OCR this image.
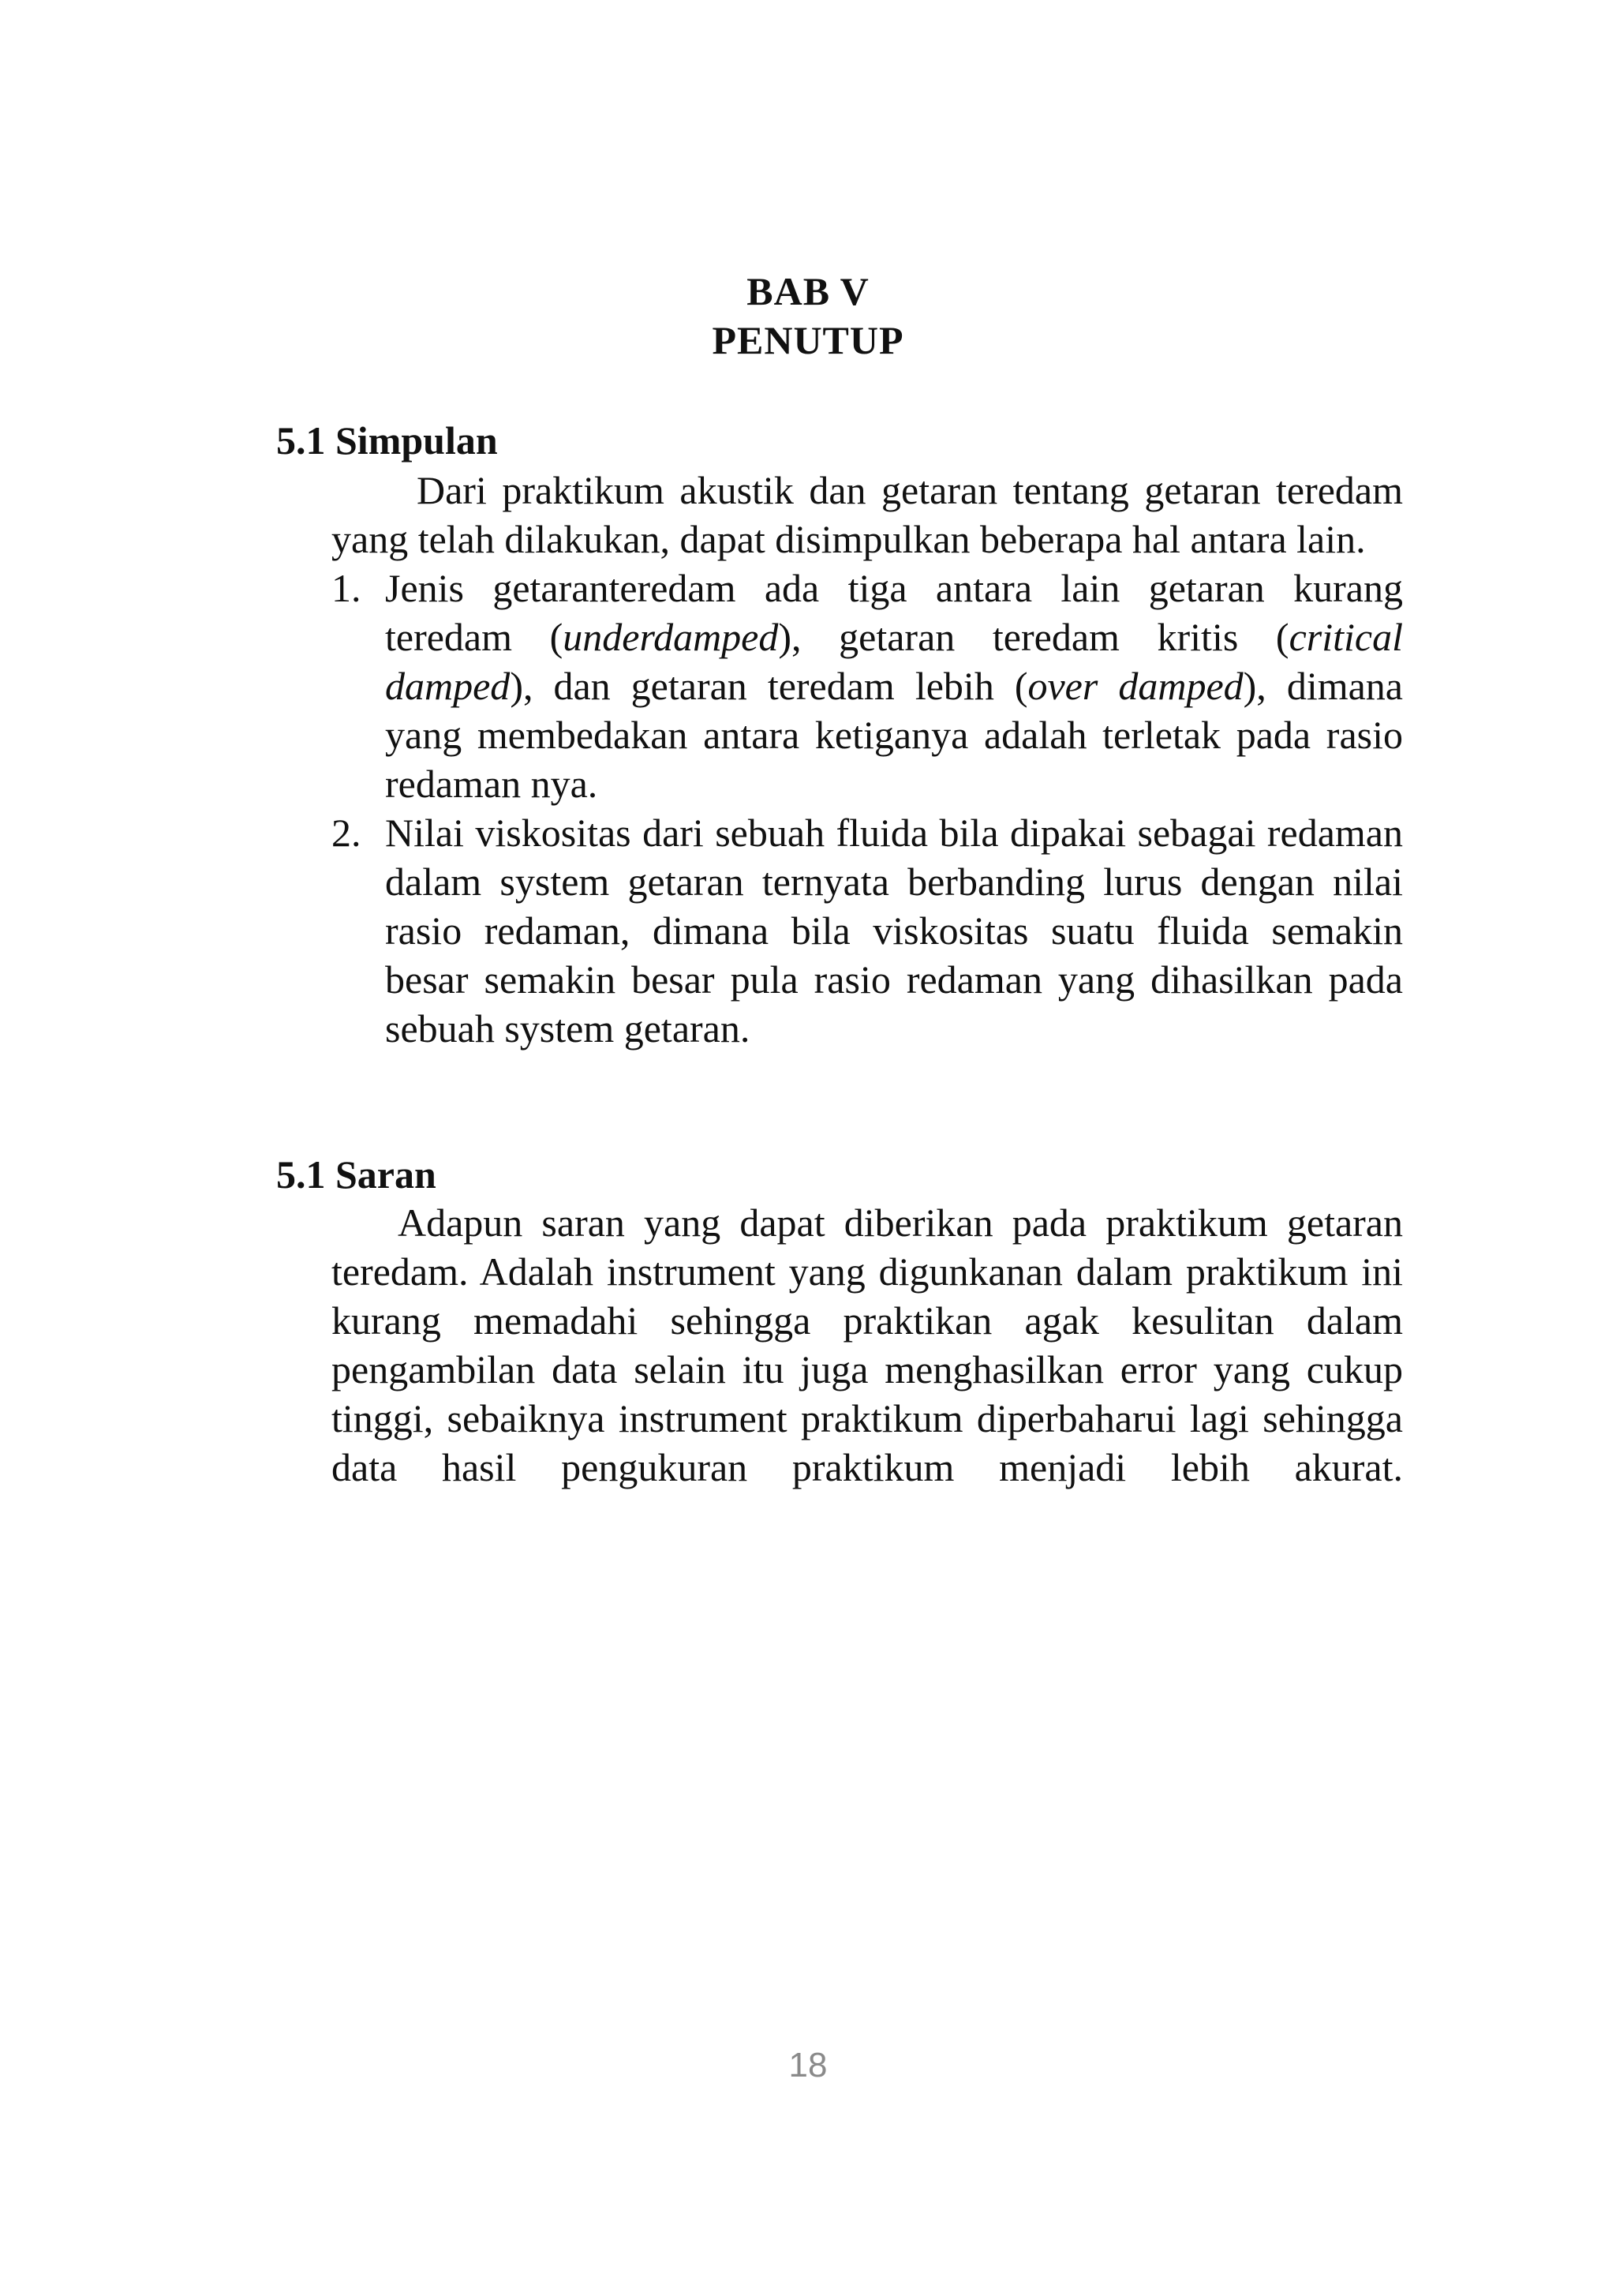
BAB V
PENUTUP
5.1 Simpulan

Dari praktikum akustik dan getaran tentang getaran teredam yang telah dilakukan, dapat disimpulkan beberapa hal antara lain.

1. Jenis getaranteredam ada tiga antara lain getaran kurang teredam (underdamped), getaran teredam kritis (critical damped), dan getaran teredam lebih (over damped), dimana yang membedakan antara ketiganya adalah terletak pada rasio redaman nya.
2. Nilai viskositas dari sebuah fluida bila dipakai sebagai redaman dalam system getaran ternyata berbanding lurus dengan nilai rasio redaman, dimana bila viskositas suatu fluida semakin besar semakin besar pula rasio redaman yang dihasilkan pada sebuah system getaran.
5.1 Saran

Adapun saran yang dapat diberikan pada praktikum getaran teredam. Adalah instrument yang digunkanan dalam praktikum ini kurang memadahi sehingga praktikan agak kesulitan dalam pengambilan data selain itu juga menghasilkan error yang cukup tinggi, sebaiknya instrument praktikum diperbaharui lagi sehingga data hasil pengukuran praktikum menjadi lebih akurat.

18
